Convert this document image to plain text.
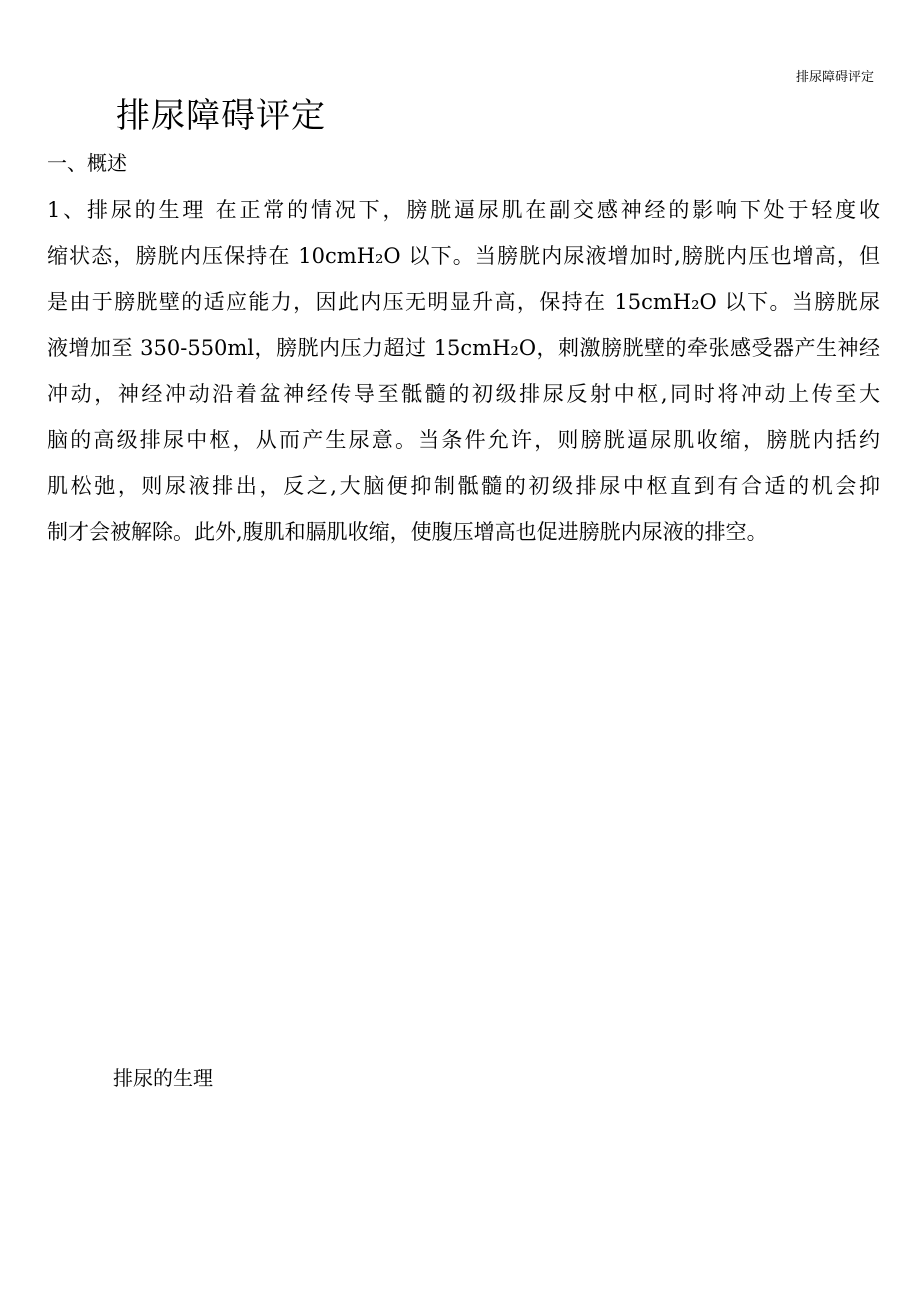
排尿障碍评定
排尿障碍评定
一、概述
1、排尿的生理 在正常的情况下，膀胱逼尿肌在副交感神经的影响下处于轻度收
缩状态，膀胱内压保持在 10cmH₂O 以下。当膀胱内尿液增加时,膀胱内压也增高，但
是由于膀胱壁的适应能力，因此内压无明显升高，保持在 15cmH₂O 以下。当膀胱尿
液增加至 350-550ml，膀胱内压力超过 15cmH₂O，刺激膀胱壁的牵张感受器产生神经
冲动，神经冲动沿着盆神经传导至骶髓的初级排尿反射中枢,同时将冲动上传至大
脑的高级排尿中枢，从而产生尿意。当条件允许，则膀胱逼尿肌收缩，膀胱内括约
肌松弛，则尿液排出，反之,大脑便抑制骶髓的初级排尿中枢直到有合适的机会抑
制才会被解除。此外,腹肌和膈肌收缩，使腹压增高也促进膀胱内尿液的排空。
排尿的生理
